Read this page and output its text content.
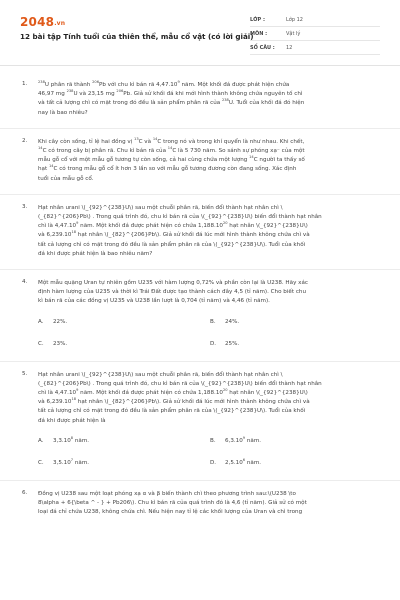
2048.vn
12 bài tập Tính tuổi của thiên thể, mẫu cổ vật (có lời giải)
LỚP :	Lớp 12
MÔN :	Vật lý
SỐ CÂU :	12
1.	$^{238}$U phân rã thành $^{206}$Pb với chu kì bán rã 4,47.10$^9$ năm. Một khối đá được phát hiện chứa
46,97 mg $^{238}$U và 23,15 mg $^{206}$Pb. Giả sử khối đá khi mới hình thành không chứa nguyên tố chì
và tất cả lượng chì có mặt trong đó đều là sản phẩm phân rã của $^{238}$U. Tuổi của khối đá đó hiện
nay là bao nhiêu?
2. Khi cây còn sống, tỉ lệ hai đồng vị $^{13}$C và $^{14}$C trong nó và trong khí quyển là như nhau. Khi chết,
$^{14}$C có trong cây bị phân rã. Chu kì bán rã của $^{14}$C là 5 730 năm. So sánh sự phóng xạ⁻ của một
mẫu gỗ cổ với một mẫu gỗ tương tự còn sống, cả hai cùng chứa một lượng $^{14}$C người ta thấy số
hạt $^{14}$C có trong mẫu gỗ cổ ít hơn 3 lần so với mẫu gỗ tương đương còn đang sống. Xác định
tuổi của mẫu gỗ cổ.
3. Hạt nhân urani \(_{92}^{238}U\) sau một chuỗi phân rã, biến đổi thành hạt nhân chì \
(_{82}^{206}Pb\) . Trong quá trình đó, chu kì bán rã của \(_{92}^{238}U\) biến đổi thành hạt nhân
chì là 4,47.10$^9$ năm. Một khối đá được phát hiện có chứa 1,188.10$^{20}$ hạt nhân \(_{92}^{238}U\)
và 6,239.10$^{18}$ hạt nhân \(_{82}^{206}Pb\). Giả sử khối đá lúc mới hình thành không chứa chì và
tất cả lượng chì có mặt trong đó đều là sản phẩm phân rã của \(_{92}^{238}U\). Tuổi của khối
đá khi được phát hiện là bao nhiêu năm?
4. Một mẫu quặng Uran tự nhiên gồm U235 với hàm lượng 0,72% và phần còn lại là U238. Hãy xác
định hàm lượng của U235 và thời kì Trái Đất được tạo thành cách đây 4,5 (tỉ năm). Cho biết chu
kì bán rã của các đồng vị U235 và U238 lần lượt là 0,704 (tỉ năm) và 4,46 (tỉ năm).
A.	22%.	B.	24%.
C.	23%.	D.	25%.
5. Hạt nhân urani \(_{92}^{238}U\) sau một chuỗi phân rã, biến đổi thành hạt nhân chì \
(_{82}^{206}Pb\) . Trong quá trình đó, chu kì bán rã của \(_{92}^{238}U\) biến đổi thành hạt nhân
chì là 4,47.10$^9$ năm. Một khối đá được phát hiện có chứa 1,188.10$^{20}$ hạt nhân \(_{92}^{238}U\)
và 6,239.10$^{18}$ hạt nhân \(_{82}^{206}Pb\). Giả sử khối đá lúc mới hình thành không chứa chì và
tất cả lượng chì có mặt trong đó đều là sản phẩm phân rã của \(_{92}^{238}U\). Tuổi của khối
đá khi được phát hiện là
A.	3,3.10$^8$ năm.	B.	6,3.10$^9$ năm.
C.	3,5.10$^7$ năm.	D.	2,5.10$^6$ năm.
6. Đồng vị U238 sau một loạt phóng xạ α và β biến thành chì theo phương trình sau:\(U238 \to
8\alpha + 6{\beta ^ - } + Pb206\). Chu kì bán rã của quá trình đó là 4,6 (tỉ năm). Giả sử có một
loại đá chỉ chứa U238, không chứa chì. Nếu hiện nay tỉ lệ các khối lượng của Uran và chì trong
